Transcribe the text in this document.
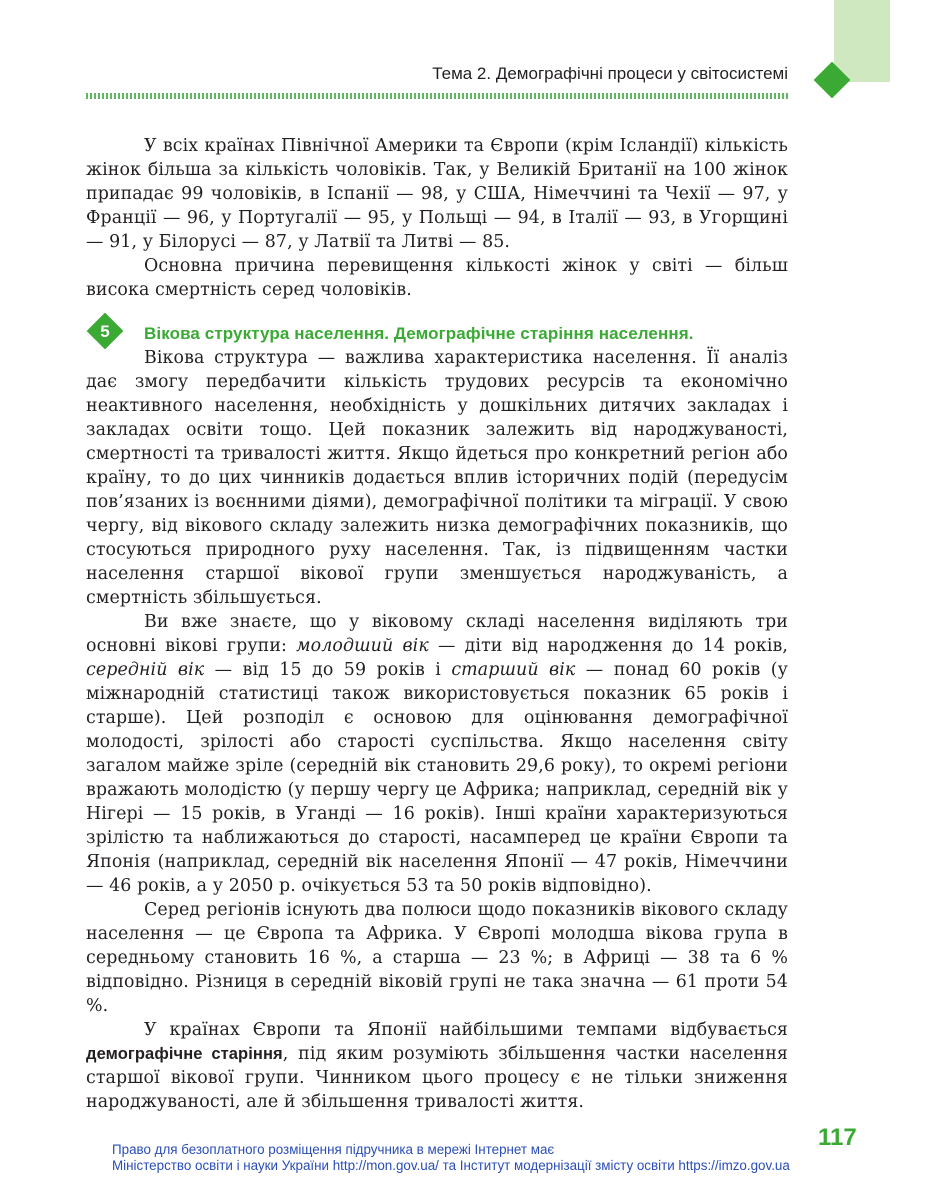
Тема 2. Демографічні процеси у світосистемі

У всіх країнах Північної Америки та Європи (крім Ісландії) кількість жінок більша за кількість чоловіків. Так, у Великій Британії на 100 жінок припадає 99 чоловіків, в Іспанії — 98, у США, Німеччині та Чехії — 97, у Франції — 96, у Португалії — 95, у Польщі — 94, в Італії — 93, в Угорщині — 91, у Білорусі — 87, у Латвії та Литві — 85.

Основна причина перевищення кількості жінок у світі — більш висока смертність серед чоловіків.

5	Вікова структура населення. Демографічне старіння населення.

Вікова структура — важлива характеристика населення. Її аналіз дає змогу передбачити кількість трудових ресурсів та економічно неактивного населення, необхідність у дошкільних дитячих закладах і закладах освіти тощо. Цей показник залежить від народжуваності, смертності та тривалості життя. Якщо йдеться про конкретний регіон або країну, то до цих чинників додається вплив історичних подій (передусім пов’язаних із воєнними діями), демографічної політики та міграції. У свою чергу, від вікового складу залежить низка демографічних показників, що стосуються природного руху населення. Так, із підвищенням частки населення старшої вікової групи зменшується народжуваність, а смертність збільшується.

Ви вже знаєте, що у віковому складі населення виділяють три основні вікові групи: молодший вік — діти від народження до 14 років, середній вік — від 15 до 59 років і старший вік — понад 60 років (у міжнародній статистиці також використовується показник 65 років і старше). Цей розподіл є основою для оцінювання демографічної молодості, зрілості або старості суспільства. Якщо населення світу загалом майже зріле (середній вік становить 29,6 року), то окремі регіони вражають молодістю (у першу чергу це Африка; наприклад, середній вік у Нігері — 15 років, в Уганді — 16 років). Інші країни характеризуються зрілістю та наближаються до старості, насамперед це країни Європи та Японія (наприклад, середній вік населення Японії — 47 років, Німеччини — 46 років, а у 2050 р. очікується 53 та 50 років відповідно).

Серед регіонів існують два полюси щодо показників вікового складу населення — це Європа та Африка. У Європі молодша вікова група в середньому становить 16 %, а старша — 23 %; в Африці — 38 та 6 % відповідно. Різниця в середній віковій групі не така значна — 61 проти 54 %.

У країнах Європи та Японії найбільшими темпами відбувається демографічне старіння, під яким розуміють збільшення частки населення старшої вікової групи. Чинником цього процесу є не тільки зниження народжуваності, але й збільшення тривалості життя.

117
Право для безоплатного розміщення підручника в мережі Інтернет має
Міністерство освіти і науки України http://mon.gov.ua/ та Інститут модернізації змісту освіти https://imzo.gov.ua
